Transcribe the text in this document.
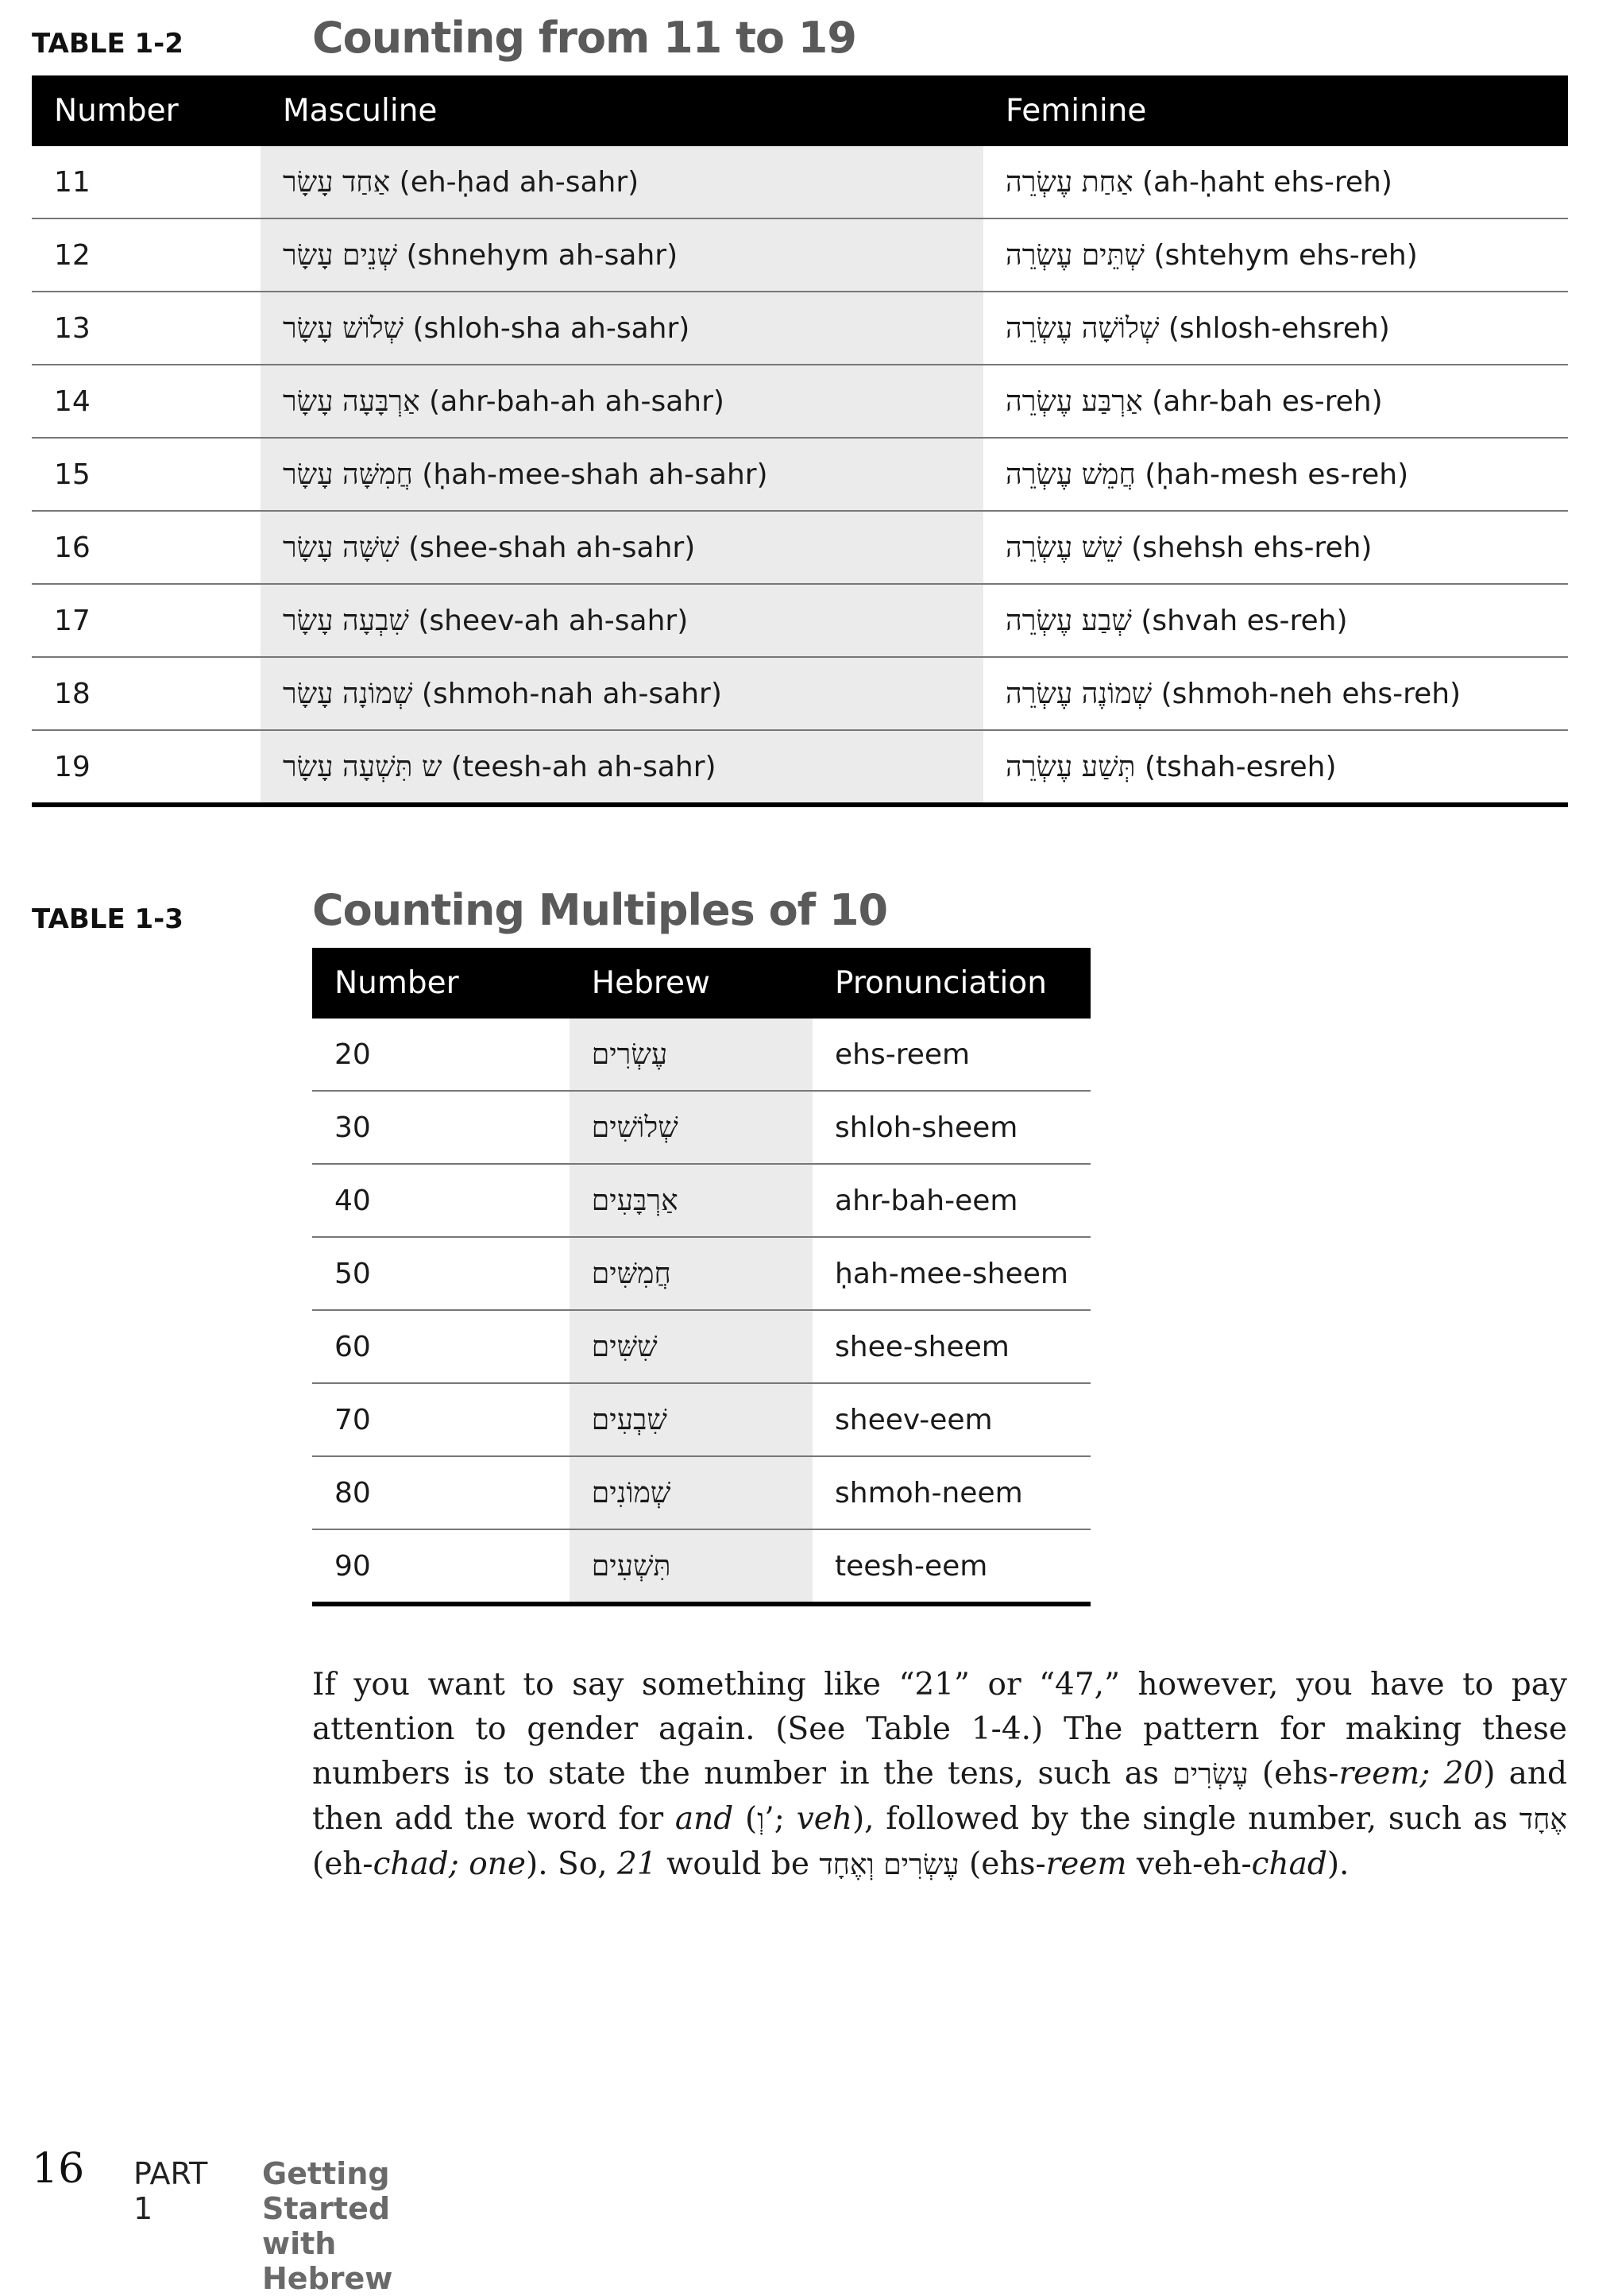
TABLE 1-2	Counting from 11 to 19
Number	Masculine	Feminine
11	אַחַד עָשָׂר (eh-ḥad ah-sahr)	אַחַת עֶשְׂרֵה (ah-ḥaht ehs-reh)
12	שְׁנֵים עָשָׂר (shnehym ah-sahr)	שְׁתֵּים עֶשְׂרֵה (shtehym ehs-reh)
13	שְׁלֹושׁ עָשָׂר (shloh-sha ah-sahr)	שְׁלוֹשָׁה עֶשְׂרֵה (shlosh-ehsreh)
14	אַרְבָּעָה עָשָׂר (ahr-bah-ah ah-sahr)	אַרְבַּע עֶשְׂרֵה (ahr-bah es-reh)
15	חֲמִשָּׁה עָשָׂר (ḥah-mee-shah ah-sahr)	חֲמֵשׁ עֶשְׂרֵה (ḥah-mesh es-reh)
16	שִׁשָּׁה עָשָׂר (shee-shah ah-sahr)	שֵׁשׁ עֶשְׂרֵה (shehsh ehs-reh)
17	שִׁבְעָה עָשָׂר (sheev-ah ah-sahr)	שְׁבַע עֶשְׂרֵה (shvah es-reh)
18	שְׁמוֹנָה עָשָׂר (shmoh-nah ah-sahr)	שְׁמוֹנֶה עֶשְׂרֵה (shmoh-neh ehs-reh)
19	ש תִּשְׁעָה עָשָׂר (teesh-ah ah-sahr)	תְּשַׁע עֶשְׂרֵה (tshah-esreh)
TABLE 1-3	Counting Multiples of 10
Number	Hebrew	Pronunciation
20	עֶשְׂרִים	ehs-reem
30	שְׁלוֹשִׁים	shloh-sheem
40	אַרְבָּעִים	ahr-bah-eem
50	חֲמִשִּׁים	ḥah-mee-sheem
60	שִׁשִּׁים	shee-sheem
70	שִׁבְעִים	sheev-eem
80	שְׁמוֹנִים	shmoh-neem
90	תִּשְׁעִים	teesh-eem
If you want to say something like “21” or “47,” however, you have to pay attention to gender again. (See Table 1-4.) The pattern for making these numbers is to state the number in the tens, such as עֶשְׂרִים (ehs-reem; 20) and then add the word for and (וְ’; veh), followed by the single number, such as אֶחָד (eh-chad; one). So, 21 would be עֶשְׂרִים וְאֶחָד (ehs-reem veh-eh-chad).
16 PART 1
Getting Started with Hebrew
